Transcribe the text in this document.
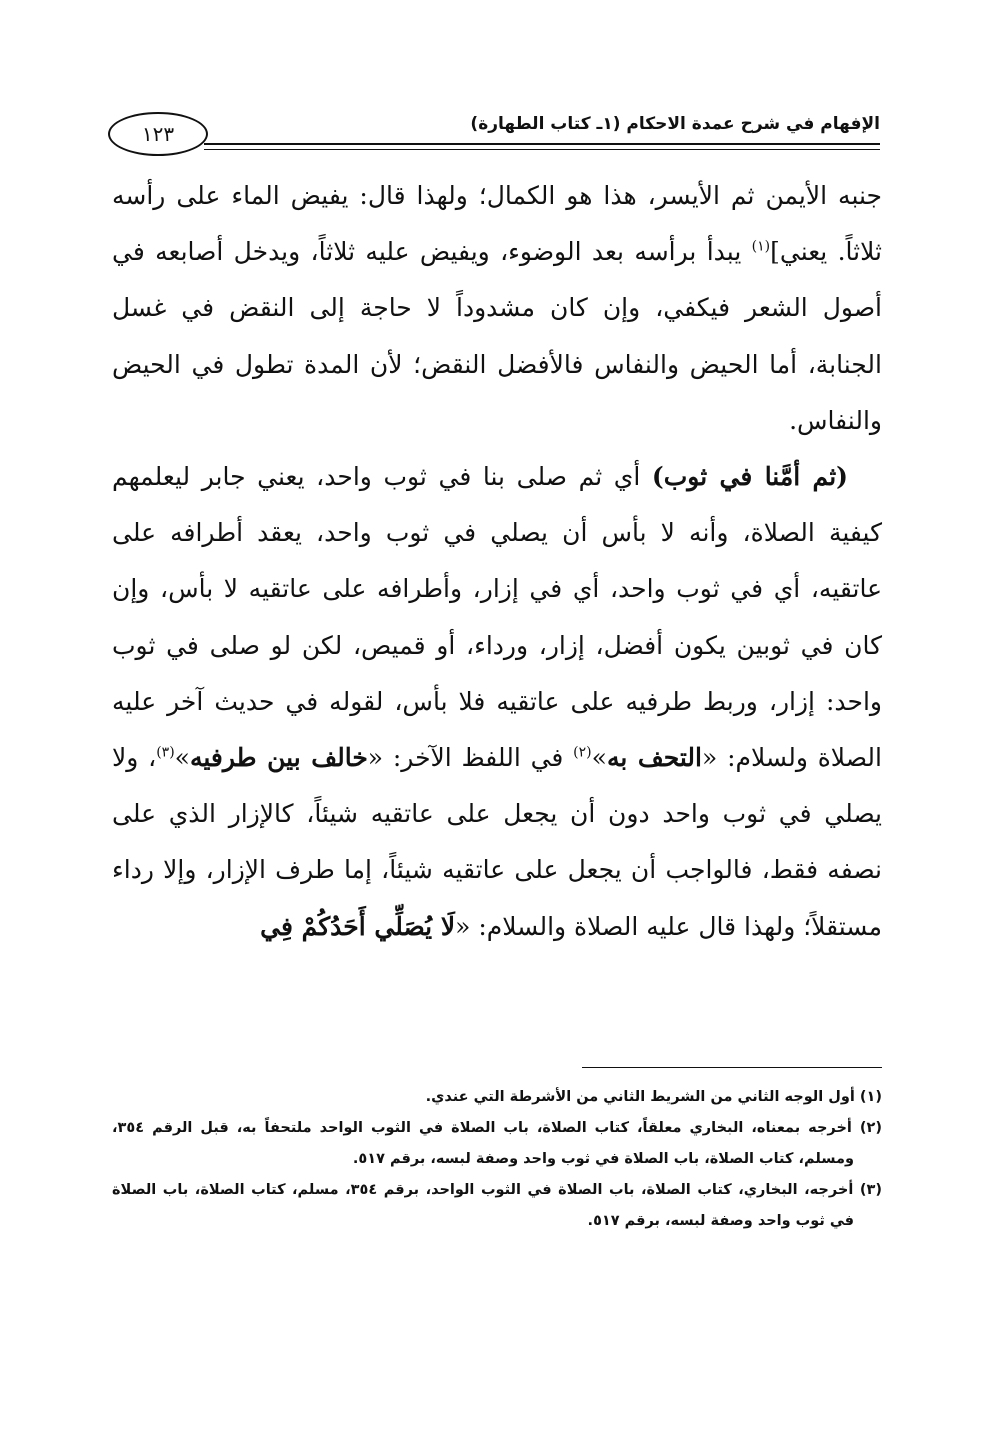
١٢٣	الإفهام في شرح عمدة الاحكام (١ـ كتاب الطهارة)

جنبه الأيمن ثم الأيسر، هذا هو الكمال؛ ولهذا قال: يفيض الماء على رأسه ثلاثاً. يعني]$^{(١)}$ يبدأ برأسه بعد الوضوء، ويفيض عليه ثلاثاً، ويدخل أصابعه في أصول الشعر فيكفي، وإن كان مشدوداً لا حاجة إلى النقض في غسل الجنابة، أما الحيض والنفاس فالأفضل النقض؛ لأن المدة تطول في الحيض والنفاس.

(ثم أمَّنا في ثوب) أي ثم صلى بنا في ثوب واحد، يعني جابر ليعلمهم كيفية الصلاة، وأنه لا بأس أن يصلي في ثوب واحد، يعقد أطرافه على عاتقيه، أي في ثوب واحد، أي في إزار، وأطرافه على عاتقيه لا بأس، وإن كان في ثوبين يكون أفضل، إزار، ورداء، أو قميص، لكن لو صلى في ثوب واحد: إزار، وربط طرفيه على عاتقيه فلا بأس، لقوله في حديث آخر عليه الصلاة ولسلام: «التحف به»$^{(٢)}$ في اللفظ الآخر: «خالف بين طرفيه»$^{(٣)}$، ولا يصلي في ثوب واحد دون أن يجعل على عاتقيه شيئاً، كالإزار الذي على نصفه فقط، فالواجب أن يجعل على عاتقيه شيئاً، إما طرف الإزار، وإلا رداء مستقلاً؛ ولهذا قال عليه الصلاة والسلام: «لَا يُصَلِّي أَحَدُكُمْ فِي

(١) أول الوجه الثاني من الشريط الثاني من الأشرطة التي عندي.

(٢) أخرجه بمعناه، البخاري معلقاً، كتاب الصلاة، باب الصلاة في الثوب الواحد ملتحفاً به، قبل الرقم ٣٥٤، ومسلم، كتاب الصلاة، باب الصلاة في ثوب واحد وصفة لبسه، برقم ٥١٧.

(٣) أخرجه، البخاري، كتاب الصلاة، باب الصلاة في الثوب الواحد، برقم ٣٥٤، مسلم، كتاب الصلاة، باب الصلاة في ثوب واحد وصفة لبسه، برقم ٥١٧.
